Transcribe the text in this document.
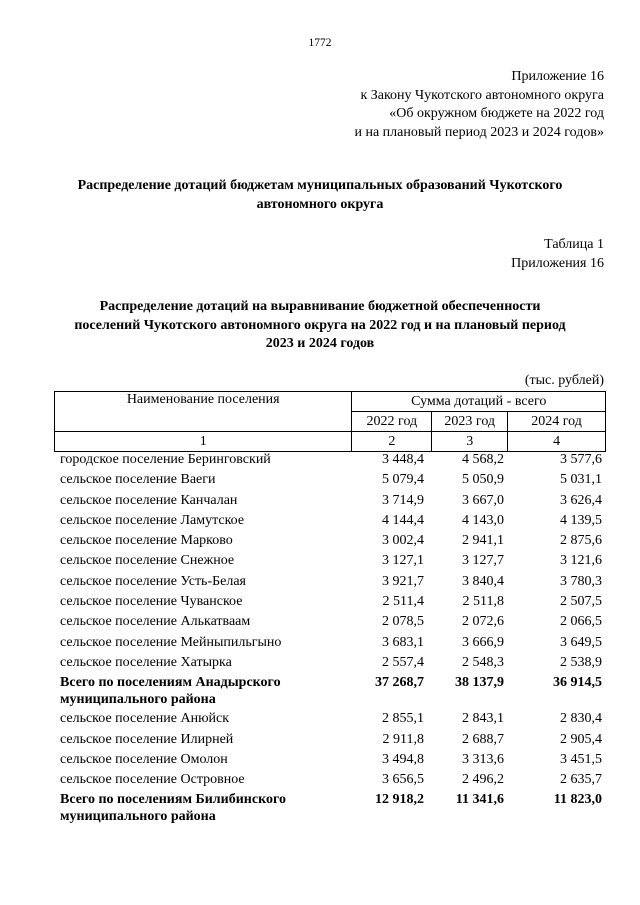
1772
Приложение 16
к Закону Чукотского автономного округа
«Об окружном бюджете на 2022 год
и на плановый период 2023 и 2024 годов»
Распределение дотаций бюджетам муниципальных образований Чукотского
автономного округа
Таблица 1
Приложения 16
Распределение дотаций на выравнивание бюджетной обеспеченности
поселений Чукотского автономного округа на 2022 год и на плановый период
2023 и 2024 годов
(тыс. рублей)
Наименование поселения	Сумма дотаций - всего		
	2022 год	2023 год	2024 год
1	2	3	4
городское поселение Беринговский	3 448,4	4 568,2	3 577,6
сельское поселение Ваеги	5 079,4	5 050,9	5 031,1
сельское поселение Канчалан	3 714,9	3 667,0	3 626,4
сельское поселение Ламутское	4 144,4	4 143,0	4 139,5
сельское поселение Марково	3 002,4	2 941,1	2 875,6
сельское поселение Снежное	3 127,1	3 127,7	3 121,6
сельское поселение Усть-Белая	3 921,7	3 840,4	3 780,3
сельское поселение Чуванское	2 511,4	2 511,8	2 507,5
сельское поселение Алькатваам	2 078,5	2 072,6	2 066,5
сельское поселение Мейныпильгыно	3 683,1	3 666,9	3 649,5
сельское поселение Хатырка	2 557,4	2 548,3	2 538,9

Всего по поселениям Анадырского
муниципального района	37 268,7	38 137,9	36 914,5
сельское поселение Анюйск	2 855,1	2 843,1	2 830,4
сельское поселение Илирней	2 911,8	2 688,7	2 905,4
сельское поселение Омолон	3 494,8	3 313,6	3 451,5
сельское поселение Островное	3 656,5	2 496,2	2 635,7

Всего по поселениям Билибинского
муниципального района	12 918,2	11 341,6	11 823,0
